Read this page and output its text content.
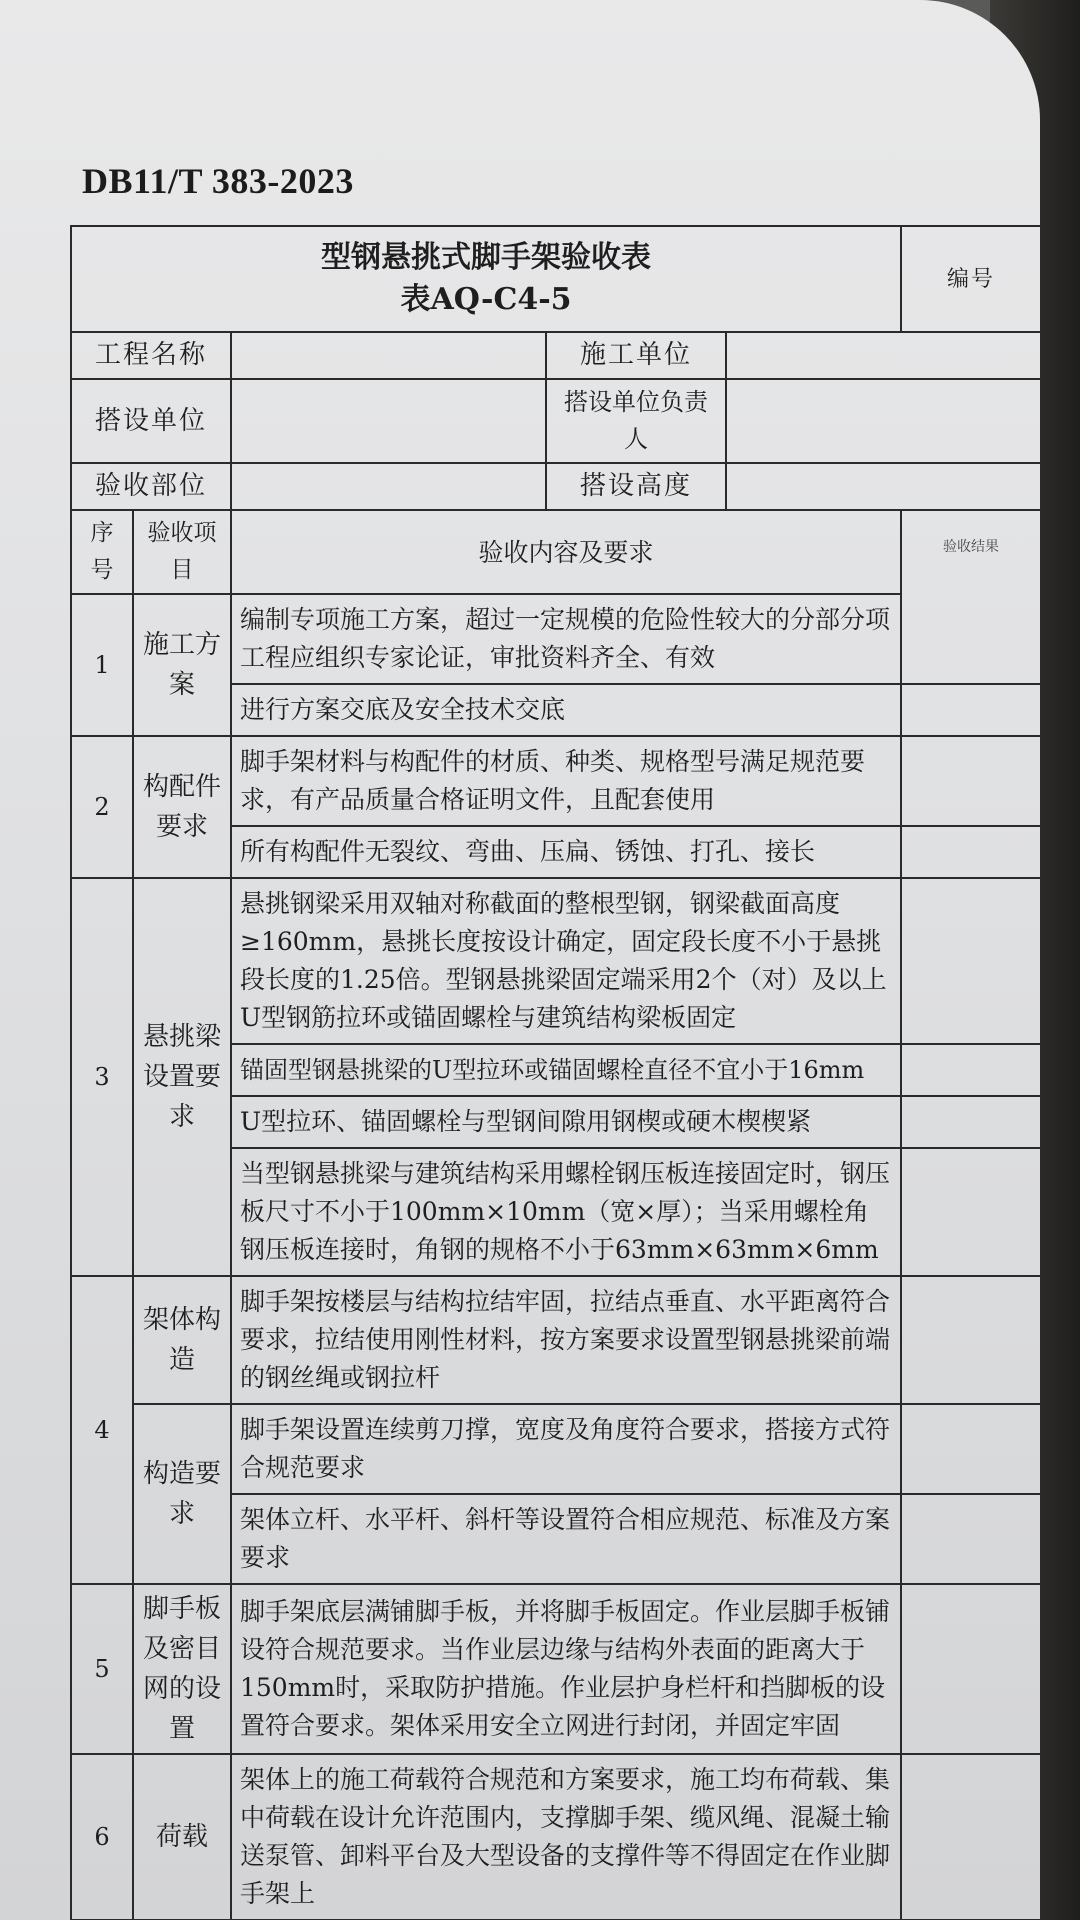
DB11/T 383-2023
型钢悬挑式脚手架验收表
表AQ-C4-5					编号
工程名称			施工单位		
搭设单位			搭设单位负责人		
验收部位			搭设高度		
序号	验收项目	验收内容及要求			验收结果
1	施工方案	编制专项施工方案，超过一定规模的危险性较大的分部分项工程应组织专家论证，审批资料齐全、有效			
		进行方案交底及安全技术交底			
2	构配件要求	脚手架材料与构配件的材质、种类、规格型号满足规范要求，有产品质量合格证明文件，且配套使用			
		所有构配件无裂纹、弯曲、压扁、锈蚀、打孔、接长			
3	悬挑梁设置要求	悬挑钢梁采用双轴对称截面的整根型钢，钢梁截面高度≥160mm，悬挑长度按设计确定，固定段长度不小于悬挑段长度的1.25倍。型钢悬挑梁固定端采用2个（对）及以上U型钢筋拉环或锚固螺栓与建筑结构梁板固定			
		锚固型钢悬挑梁的U型拉环或锚固螺栓直径不宜小于16mm			
		U型拉环、锚固螺栓与型钢间隙用钢楔或硬木楔楔紧			
		当型钢悬挑梁与建筑结构采用螺栓钢压板连接固定时，钢压板尺寸不小于100mm×10mm（宽×厚）；当采用螺栓角钢压板连接时，角钢的规格不小于63mm×63mm×6mm			
4	架体构造	脚手架按楼层与结构拉结牢固，拉结点垂直、水平距离符合要求，拉结使用刚性材料，按方案要求设置型钢悬挑梁前端的钢丝绳或钢拉杆			
	构造要求	脚手架设置连续剪刀撑，宽度及角度符合要求，搭接方式符合规范要求			
		架体立杆、水平杆、斜杆等设置符合相应规范、标准及方案要求			
5	脚手板及密目网的设置	脚手架底层满铺脚手板，并将脚手板固定。作业层脚手板铺设符合规范要求。当作业层边缘与结构外表面的距离大于150mm时，采取防护措施。作业层护身栏杆和挡脚板的设置符合要求。架体采用安全立网进行封闭，并固定牢固			
6	荷载	架体上的施工荷载符合规范和方案要求，施工均布荷载、集中荷载在设计允许范围内，支撑脚手架、缆风绳、混凝土输送泵管、卸料平台及大型设备的支撑件等不得固定在作业脚手架上			
